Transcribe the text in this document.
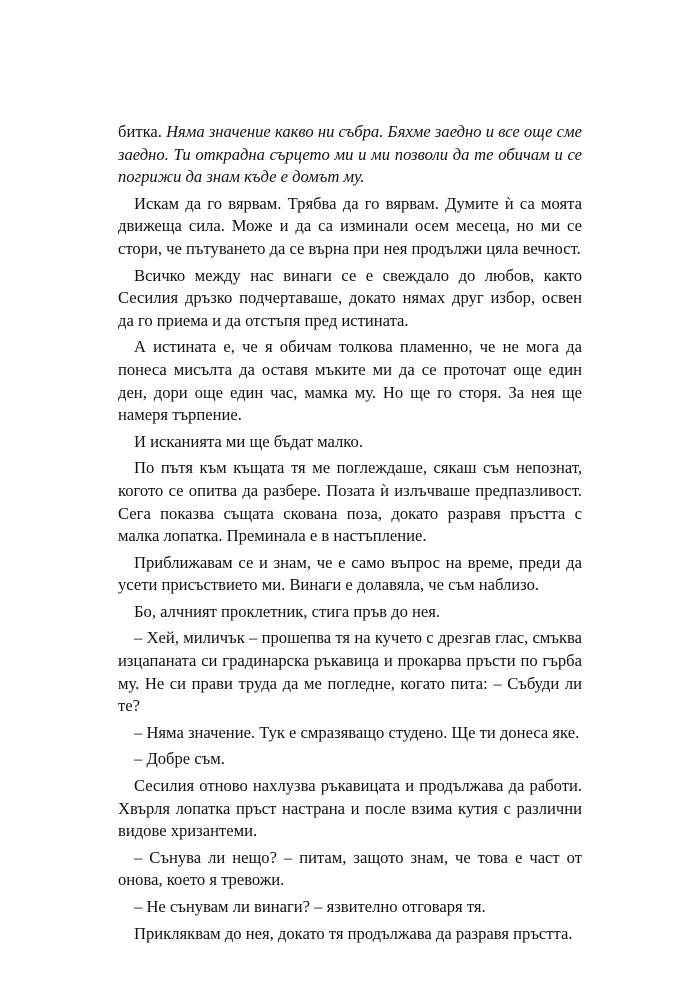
битка. Няма значение какво ни събра. Бяхме заедно и все още сме заедно. Ти открадна сърцето ми и ми позволи да те обичам и се погрижи да знам къде е домът му.

Искам да го вярвам. Трябва да го вярвам. Думите ѝ са моята движеща сила. Може и да са изминали осем месеца, но ми се стори, че пътуването да се върна при нея продължи цяла вечност.

Всичко между нас винаги се е свеждало до любов, както Сесилия дръзко подчертаваше, докато нямах друг избор, освен да го приема и да отстъпя пред истината.

А истината е, че я обичам толкова пламенно, че не мога да понеса мисълта да оставя мъките ми да се проточат още един ден, дори още един час, мамка му. Но ще го сторя. За нея ще намеря търпение.

И исканията ми ще бъдат малко.

По пътя към къщата тя ме поглеждаше, сякаш съм непознат, когото се опитва да разбере. Позата ѝ излъчваше предпазливост. Сега показва същата скована поза, докато разравя пръстта с малка лопатка. Преминала е в настъпление.

Приближавам се и знам, че е само въпрос на време, преди да усети присъствието ми. Винаги е долавяла, че съм наблизо.

Бо, алчният проклетник, стига пръв до нея.

– Хей, миличък – прошепва тя на кучето с дрезгав глас, смъква изцапаната си градинарска ръкавица и прокарва пръсти по гърба му. Не си прави труда да ме погледне, когато пита: – Събуди ли те?

– Няма значение. Тук е смразяващо студено. Ще ти донеса яке.

– Добре съм.

Сесилия отново нахлузва ръкавицата и продължава да работи. Хвърля лопатка пръст настрана и после взима кутия с различни видове хризантеми.

– Сънува ли нещо? – питам, защото знам, че това е част от онова, което я тревожи.

– Не сънувам ли винаги? – язвително отговаря тя.

Прикляквам до нея, докато тя продължава да разравя пръстта.
